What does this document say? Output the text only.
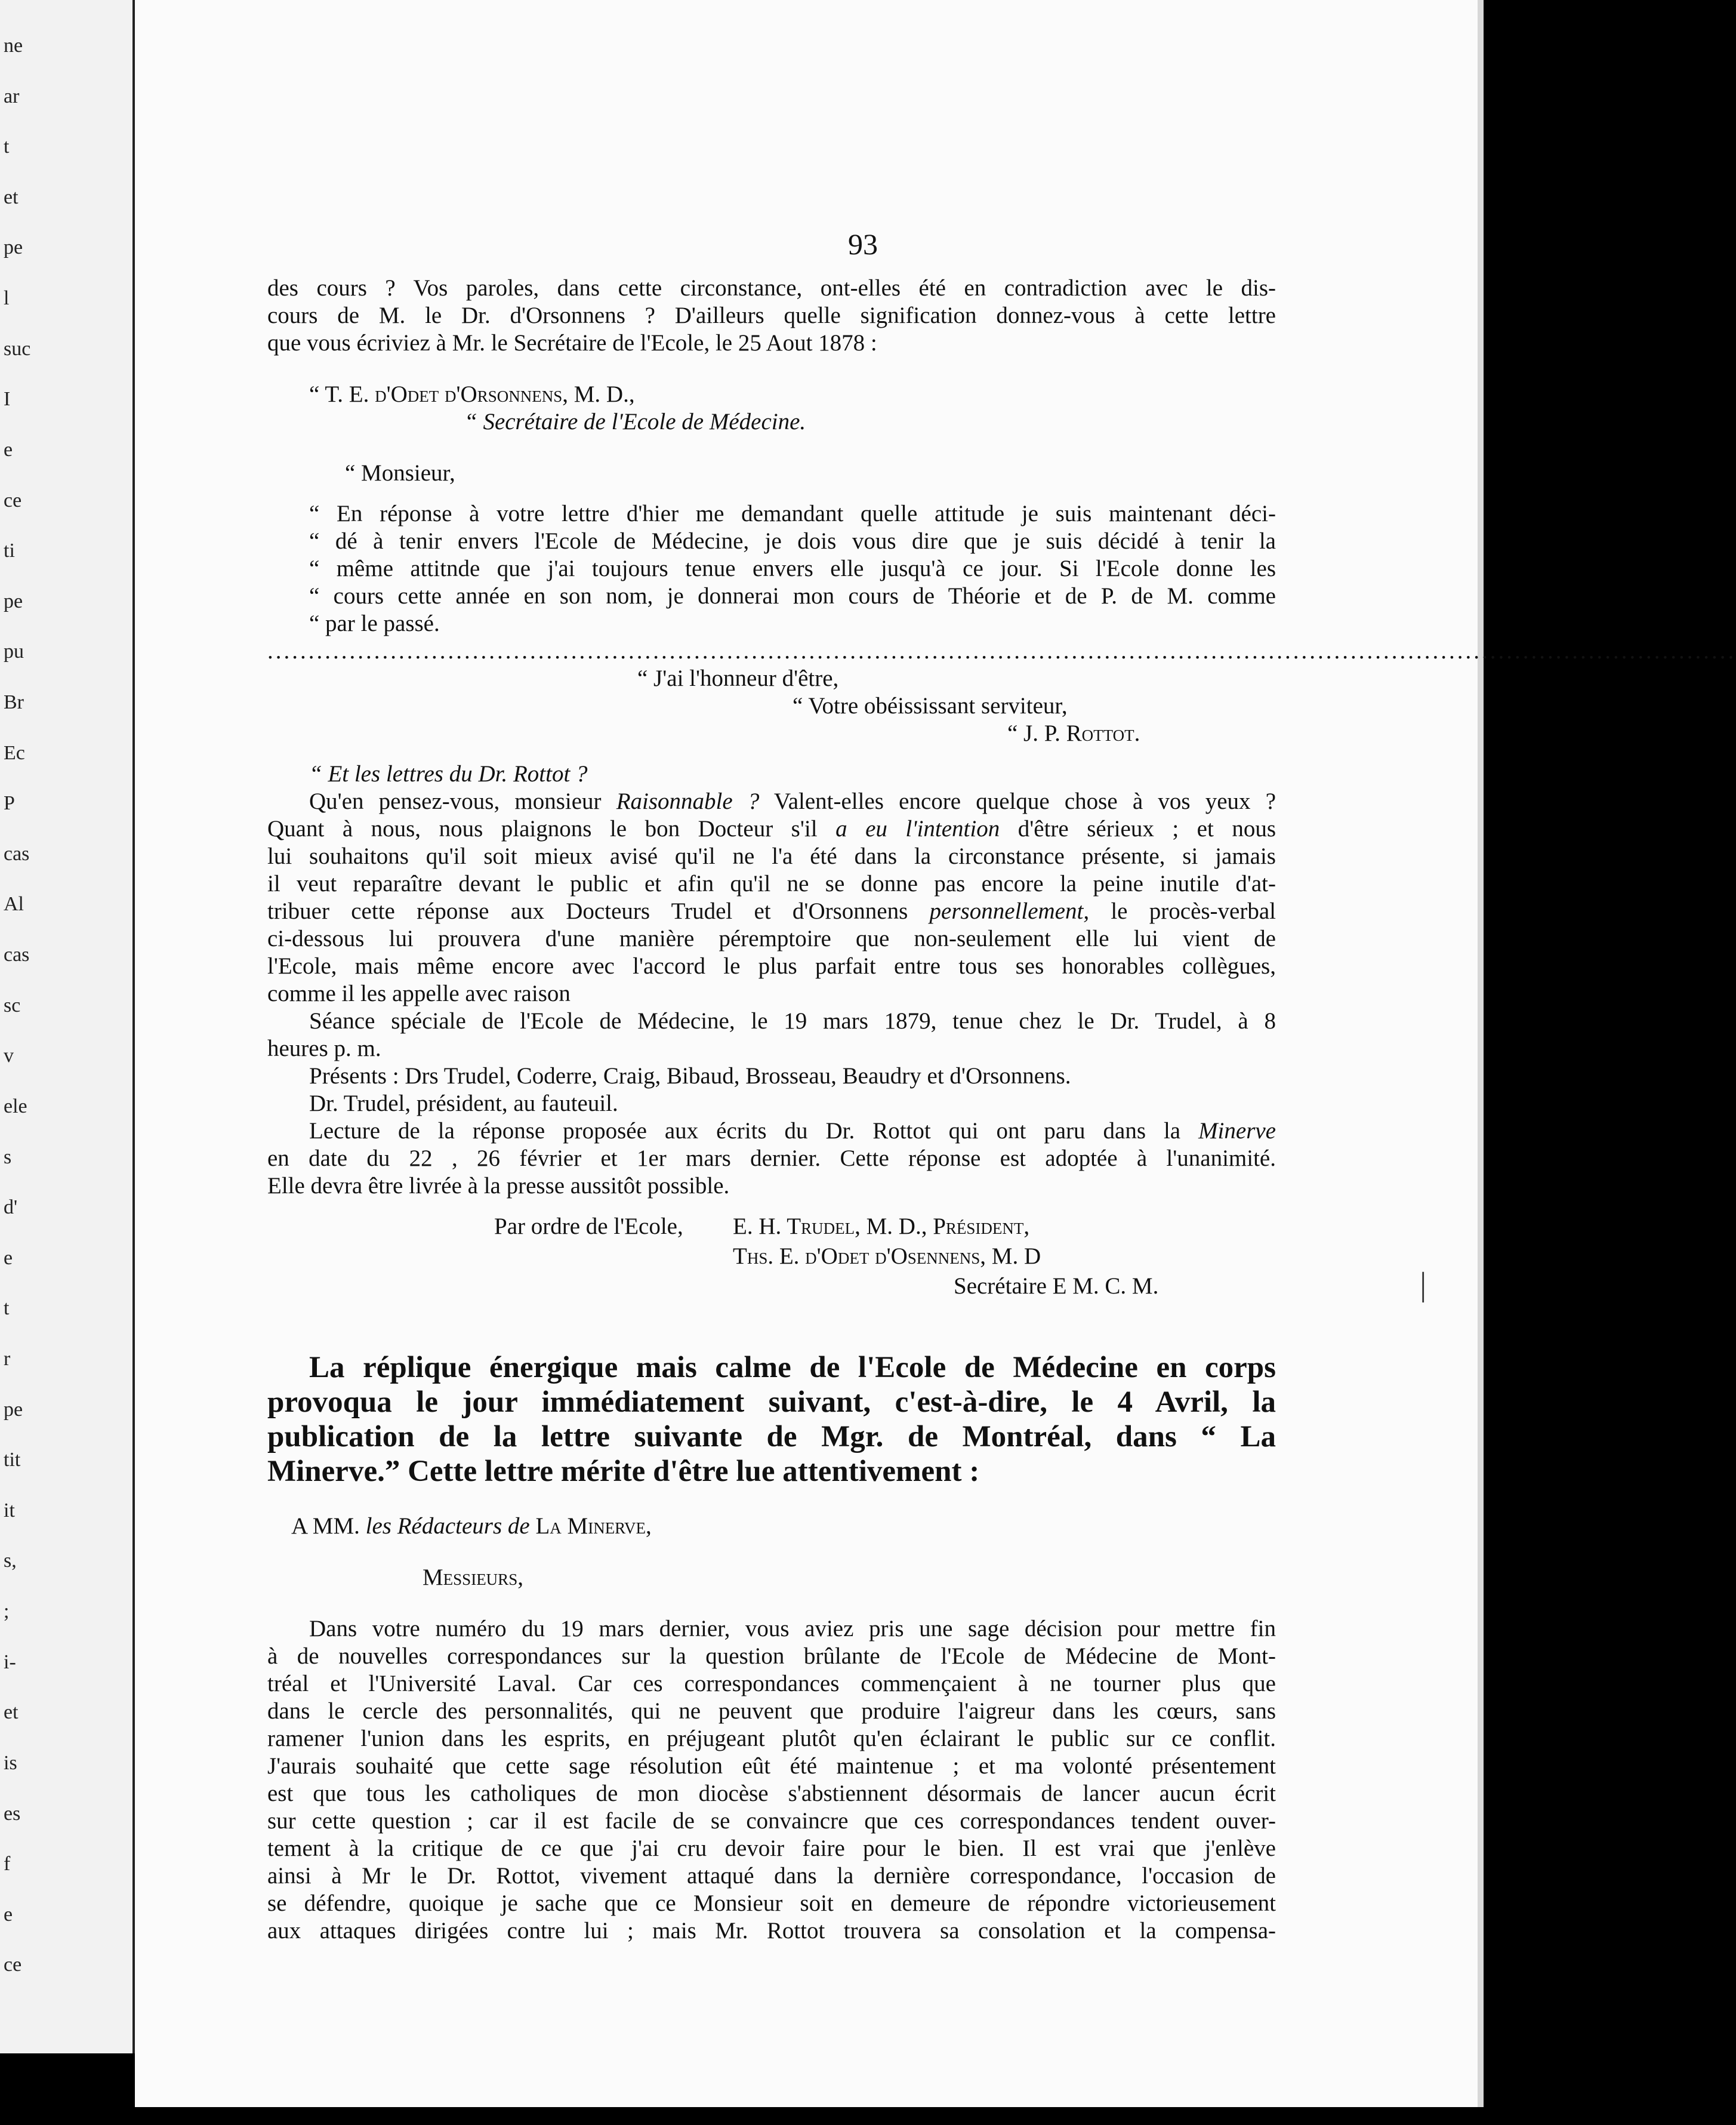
ne
ar
t
et
pe
l
suc
I
e
ce
ti
pe
pu
Br
Ec
P
cas
Al
cas
sc
v
ele
s
d'
e
t
r
pe
tit
it
s,
;
i-
et
is
es
f
e
ce
93
des cours ? Vos paroles, dans cette circonstance, ont-elles été en contradiction avec le dis-
cours de M. le Dr. d'Orsonnens ? D'ailleurs quelle signification donnez-vous à cette lettre
que vous écriviez à Mr. le Secrétaire de l'Ecole, le 25 Aout 1878 :
“ T. E. d'Odet d'Orsonnens, M. D.,
“ Secrétaire de l'Ecole de Médecine.
“ Monsieur,
“ En réponse à votre lettre d'hier me demandant quelle attitude je suis maintenant déci-
“ dé à tenir envers l'Ecole de Médecine, je dois vous dire que je suis décidé à tenir la
“ même attitnde que j'ai toujours tenue envers elle jusqu'à ce jour. Si l'Ecole donne les
“ cours cette année en son nom, je donnerai mon cours de Théorie et de P. de M. comme
“ par le passé.
...................................................................................................................................................................................
“ J'ai l'honneur d'être,
“ Votre obéississant serviteur,
“ J. P. Rottot.
“ Et les lettres du Dr. Rottot ?
Qu'en pensez-vous, monsieur Raisonnable ? Valent-elles encore quelque chose à vos yeux ?
Quant à nous, nous plaignons le bon Docteur s'il a eu l'intention d'être sérieux ; et nous
lui souhaitons qu'il soit mieux avisé qu'il ne l'a été dans la circonstance présente, si jamais
il veut reparaître devant le public et afin qu'il ne se donne pas encore la peine inutile d'at-
tribuer cette réponse aux Docteurs Trudel et d'Orsonnens personnellement, le procès-verbal
ci-dessous lui prouvera d'une manière péremptoire que non-seulement elle lui vient de
l'Ecole, mais même encore avec l'accord le plus parfait entre tous ses honorables collègues,
comme il les appelle avec raison
Séance spéciale de l'Ecole de Médecine, le 19 mars 1879, tenue chez le Dr. Trudel, à 8
heures p. m.
Présents : Drs Trudel, Coderre, Craig, Bibaud, Brosseau, Beaudry et d'Orsonnens.
Dr. Trudel, président, au fauteuil.
Lecture de la réponse proposée aux écrits du Dr. Rottot qui ont paru dans la Minerve
en date du 22 , 26 février et 1er mars dernier. Cette réponse est adoptée à l'unanimité.
Elle devra être livrée à la presse aussitôt possible.
Par ordre de l'Ecole, E. H. Trudel, M. D., Président,
Ths. E. d'Odet d'Osennens, M. D
Secrétaire E M. C. M.
La réplique énergique mais calme de l'Ecole de Médecine en corps
provoqua le jour immédiatement suivant, c'est-à-dire, le 4 Avril, la
publication de la lettre suivante de Mgr. de Montréal, dans “ La
Minerve.” Cette lettre mérite d'être lue attentivement :
A MM. les Rédacteurs de La Minerve,
Messieurs,
Dans votre numéro du 19 mars dernier, vous aviez pris une sage décision pour mettre fin
à de nouvelles correspondances sur la question brûlante de l'Ecole de Médecine de Mont-
tréal et l'Université Laval. Car ces correspondances commençaient à ne tourner plus que
dans le cercle des personnalités, qui ne peuvent que produire l'aigreur dans les cœurs, sans
ramener l'union dans les esprits, en préjugeant plutôt qu'en éclairant le public sur ce conflit.
J'aurais souhaité que cette sage résolution eût été maintenue ; et ma volonté présentement
est que tous les catholiques de mon diocèse s'abstiennent désormais de lancer aucun écrit
sur cette question ; car il est facile de se convaincre que ces correspondances tendent ouver-
tement à la critique de ce que j'ai cru devoir faire pour le bien. Il est vrai que j'enlève
ainsi à Mr le Dr. Rottot, vivement attaqué dans la dernière correspondance, l'occasion de
se défendre, quoique je sache que ce Monsieur soit en demeure de répondre victorieusement
aux attaques dirigées contre lui ; mais Mr. Rottot trouvera sa consolation et la compensa-
|
